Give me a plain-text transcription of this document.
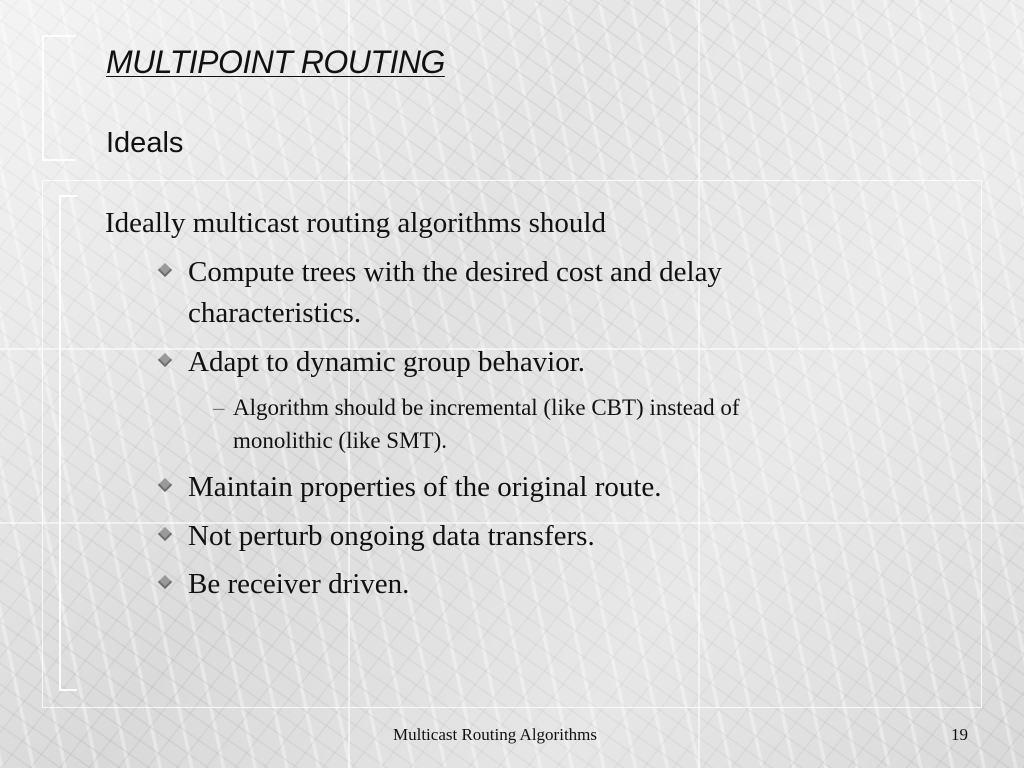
MULTIPOINT ROUTING
Ideals
Ideally multicast routing algorithms should
Compute trees with the desired cost and delay
characteristics.
Adapt to dynamic group behavior.
– Algorithm should be incremental (like CBT) instead of
monolithic (like SMT).
Maintain properties of the original route.
Not perturb ongoing data transfers.
Be receiver driven.
Multicast Routing Algorithms	19
